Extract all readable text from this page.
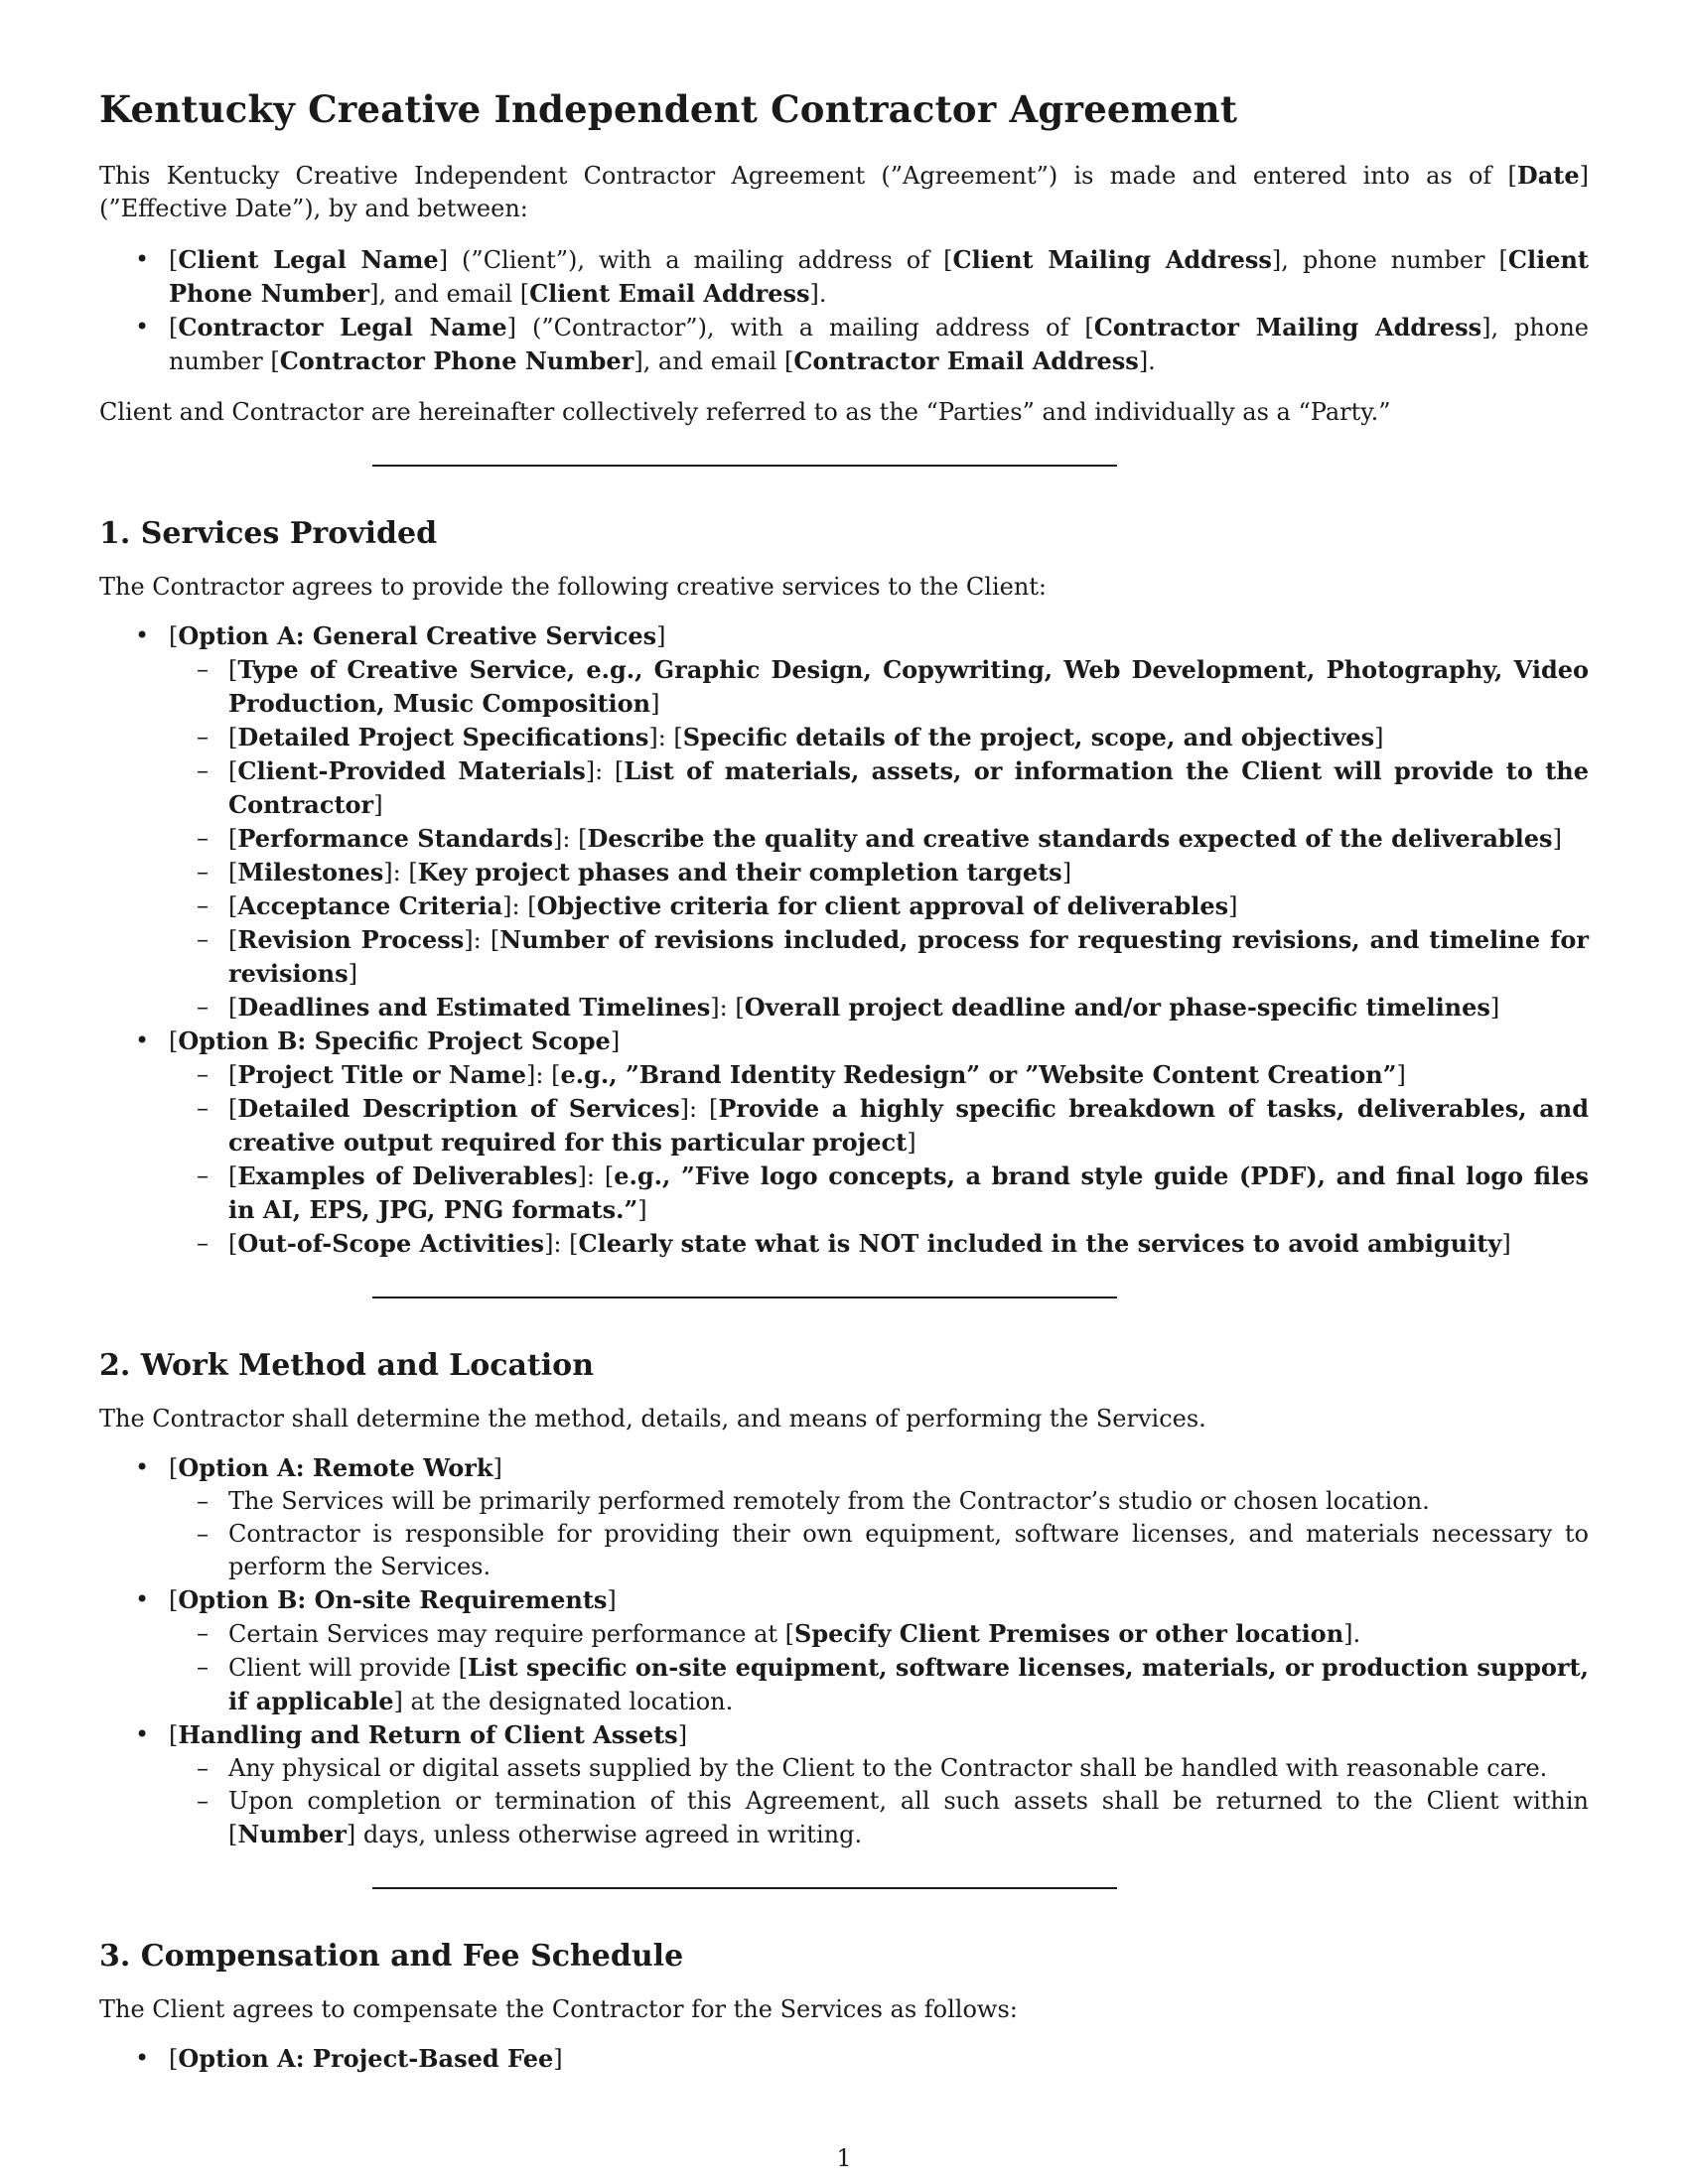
Kentucky Creative Independent Contractor Agreement

This Kentucky Creative Independent Contractor Agreement (”Agreement”) is made and entered into as of [Date] (”Effective Date”), by and between:

• [Client Legal Name] (”Client”), with a mailing address of [Client Mailing Address], phone number [Client Phone Number], and email [Client Email Address].
• [Contractor Legal Name] (”Contractor”), with a mailing address of [Contractor Mailing Address], phone number [Contractor Phone Number], and email [Contractor Email Address].

Client and Contractor are hereinafter collectively referred to as the “Parties” and individually as a “Party.”

1. Services Provided

The Contractor agrees to provide the following creative services to the Client:

• [Option A: General Creative Services]
– [Type of Creative Service, e.g., Graphic Design, Copywriting, Web Development, Photography, Video Production, Music Composition]
– [Detailed Project Specifications]: [Specific details of the project, scope, and objectives]
– [Client-Provided Materials]: [List of materials, assets, or information the Client will provide to the Contractor]
– [Performance Standards]: [Describe the quality and creative standards expected of the deliverables]
– [Milestones]: [Key project phases and their completion targets]
– [Acceptance Criteria]: [Objective criteria for client approval of deliverables]
– [Revision Process]: [Number of revisions included, process for requesting revisions, and timeline for revisions]
– [Deadlines and Estimated Timelines]: [Overall project deadline and/or phase-specific timelines]
• [Option B: Specific Project Scope]
– [Project Title or Name]: [e.g., ”Brand Identity Redesign” or ”Website Content Creation”]
– [Detailed Description of Services]: [Provide a highly specific breakdown of tasks, deliverables, and creative output required for this particular project]
– [Examples of Deliverables]: [e.g., ”Five logo concepts, a brand style guide (PDF), and final logo files in AI, EPS, JPG, PNG formats.”]
– [Out-of-Scope Activities]: [Clearly state what is NOT included in the services to avoid ambiguity]
2. Work Method and Location

The Contractor shall determine the method, details, and means of performing the Services.

• [Option A: Remote Work]
– The Services will be primarily performed remotely from the Contractor’s studio or chosen location.
– Contractor is responsible for providing their own equipment, software licenses, and materials necessary to perform the Services.
• [Option B: On-site Requirements]
– Certain Services may require performance at [Specify Client Premises or other location].
– Client will provide [List specific on-site equipment, software licenses, materials, or production support, if applicable] at the designated location.
• [Handling and Return of Client Assets]
– Any physical or digital assets supplied by the Client to the Contractor shall be handled with reasonable care.
– Upon completion or termination of this Agreement, all such assets shall be returned to the Client within [Number] days, unless otherwise agreed in writing.
3. Compensation and Fee Schedule

The Client agrees to compensate the Contractor for the Services as follows:

• [Option A: Project-Based Fee]
1
